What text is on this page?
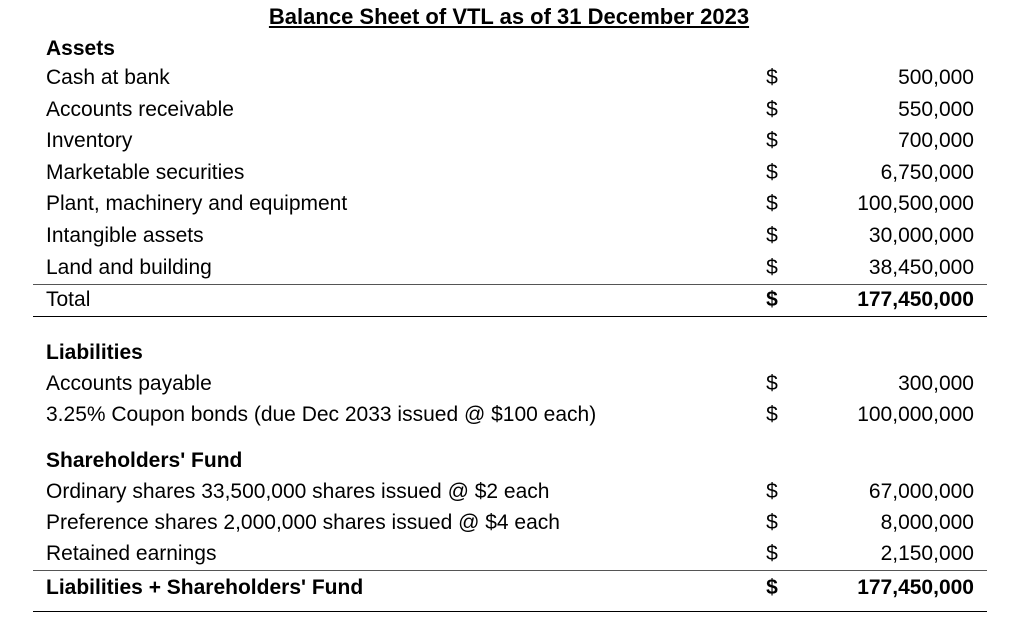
Balance Sheet of VTL as of 31 December 2023
Assets
Cash at bank	$	500,000
Accounts receivable	$	550,000
Inventory	$	700,000
Marketable securities	$	6,750,000
Plant, machinery and equipment	$	100,500,000
Intangible assets	$	30,000,000
Land and building	$	38,450,000
Total	$	177,450,000
Liabilities
Accounts payable	$	300,000
3.25% Coupon bonds (due Dec 2033 issued @ $100 each)	$	100,000,000
Shareholders' Fund
Ordinary shares 33,500,000 shares issued @ $2 each	$	67,000,000
Preference shares 2,000,000 shares issued @ $4 each	$	8,000,000
Retained earnings	$	2,150,000
Liabilities + Shareholders' Fund	$	177,450,000
